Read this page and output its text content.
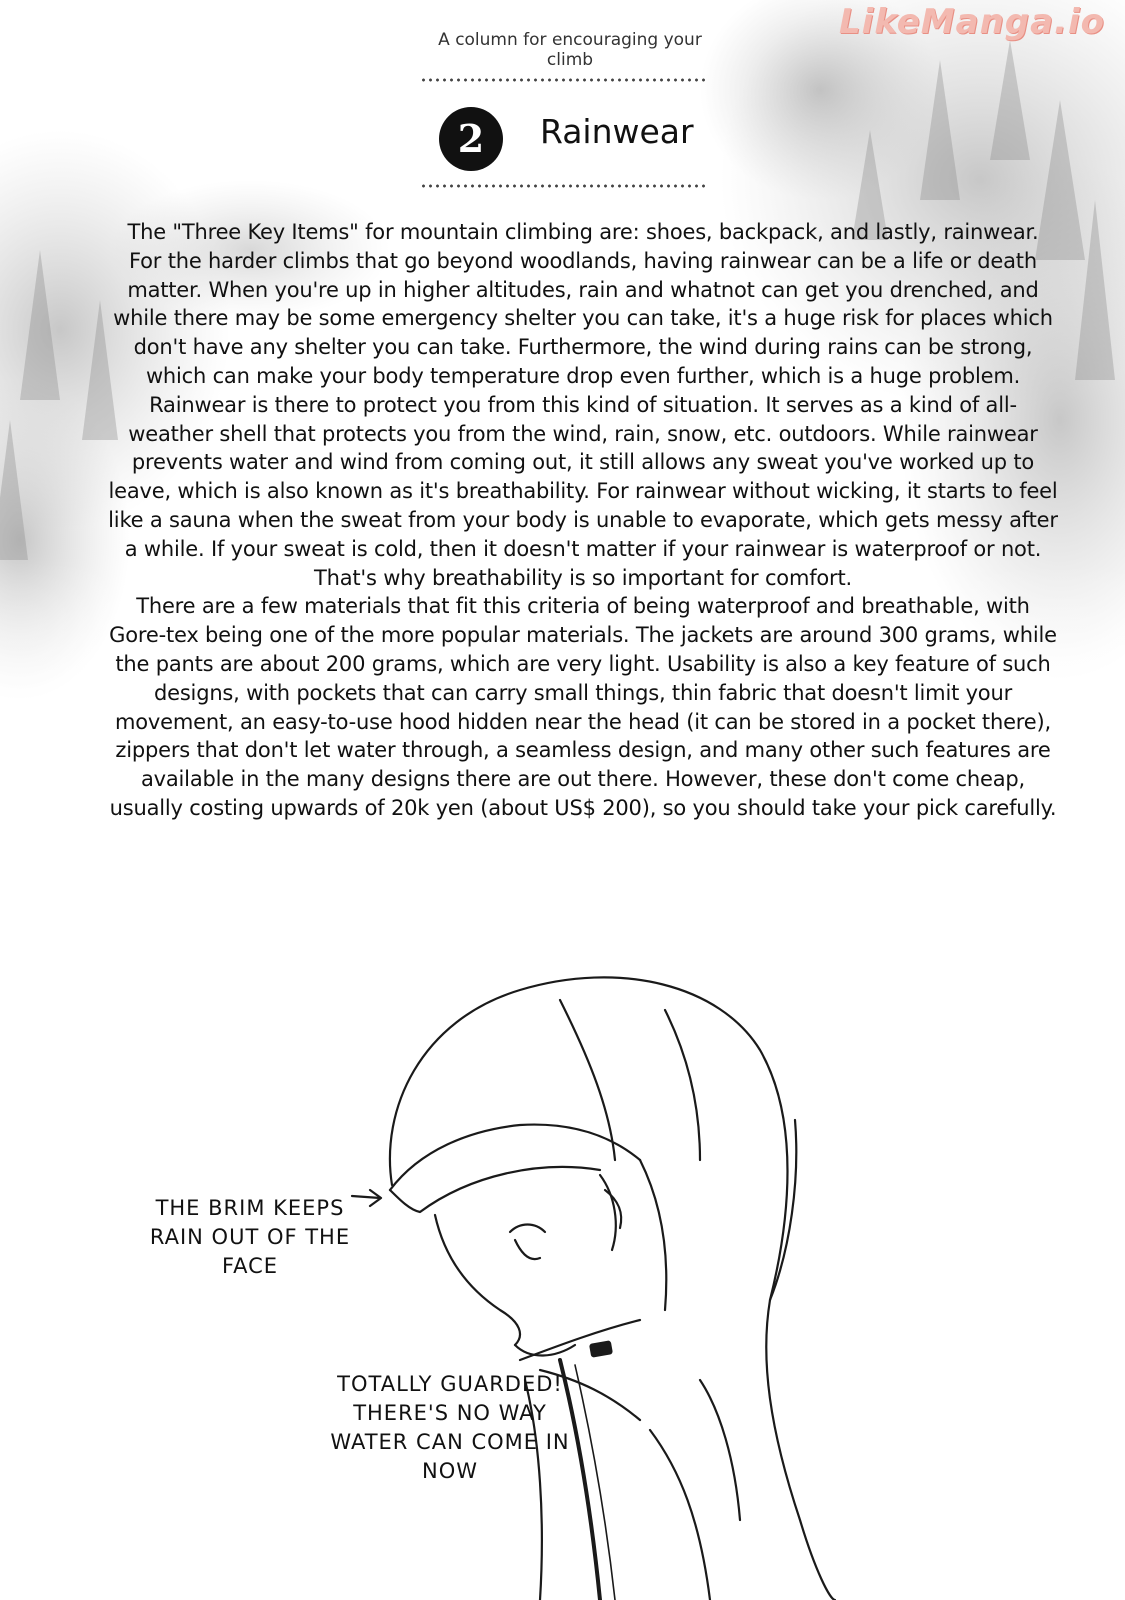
LikeManga.io
A column for encouraging your climb
2	Rainwear

The "Three Key Items" for mountain climbing are: shoes, backpack, and lastly, rainwear.

For the harder climbs that go beyond woodlands, having rainwear can be a life or death matter. When you're up in higher altitudes, rain and whatnot can get you drenched, and while there may be some emergency shelter you can take, it's a huge risk for places which don't have any shelter you can take. Furthermore, the wind during rains can be strong, which can make your body temperature drop even further, which is a huge problem. Rainwear is there to protect you from this kind of situation. It serves as a kind of all-weather shell that protects you from the wind, rain, snow, etc. outdoors. While rainwear prevents water and wind from coming out, it still allows any sweat you've worked up to leave, which is also known as it's breathability. For rainwear without wicking, it starts to feel like a sauna when the sweat from your body is unable to evaporate, which gets messy after a while. If your sweat is cold, then it doesn't matter if your rainwear is waterproof or not. That's why breathability is so important for comfort.

There are a few materials that fit this criteria of being waterproof and breathable, with Gore-tex being one of the more popular materials. The jackets are around 300 grams, while the pants are about 200 grams, which are very light. Usability is also a key feature of such designs, with pockets that can carry small things, thin fabric that doesn't limit your movement, an easy-to-use hood hidden near the head (it can be stored in a pocket there), zippers that don't let water through, a seamless design, and many other such features are available in the many designs there are out there. However, these don't come cheap, usually costing upwards of 20k yen (about US$ 200), so you should take your pick carefully.

THE BRIM KEEPS RAIN OUT OF THE FACE
TOTALLY GUARDED! THERE'S NO WAY WATER CAN COME IN NOW
